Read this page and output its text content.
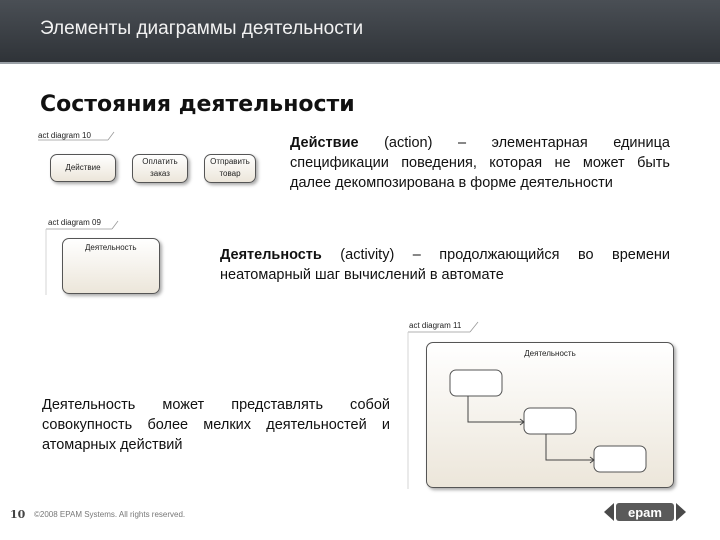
Элементы диаграммы деятельности
Состояния деятельности
act diagram 10
Действие
Оплатить заказ
Отправить товар
Действие (action) – элементарная единица спецификации поведения, которая не может быть далее декомпозирована в форме деятельности
act diagram 09
Деятельность	Деятельность (activity) – продолжающийся во времени неатомарный шаг вычислений в автомате
act diagram 11
Деятельность
Деятельность может представлять собой совокупность более мелких деятельностей и атомарных действий
10 ©2008 EPAM Systems. All rights reserved.	epam
